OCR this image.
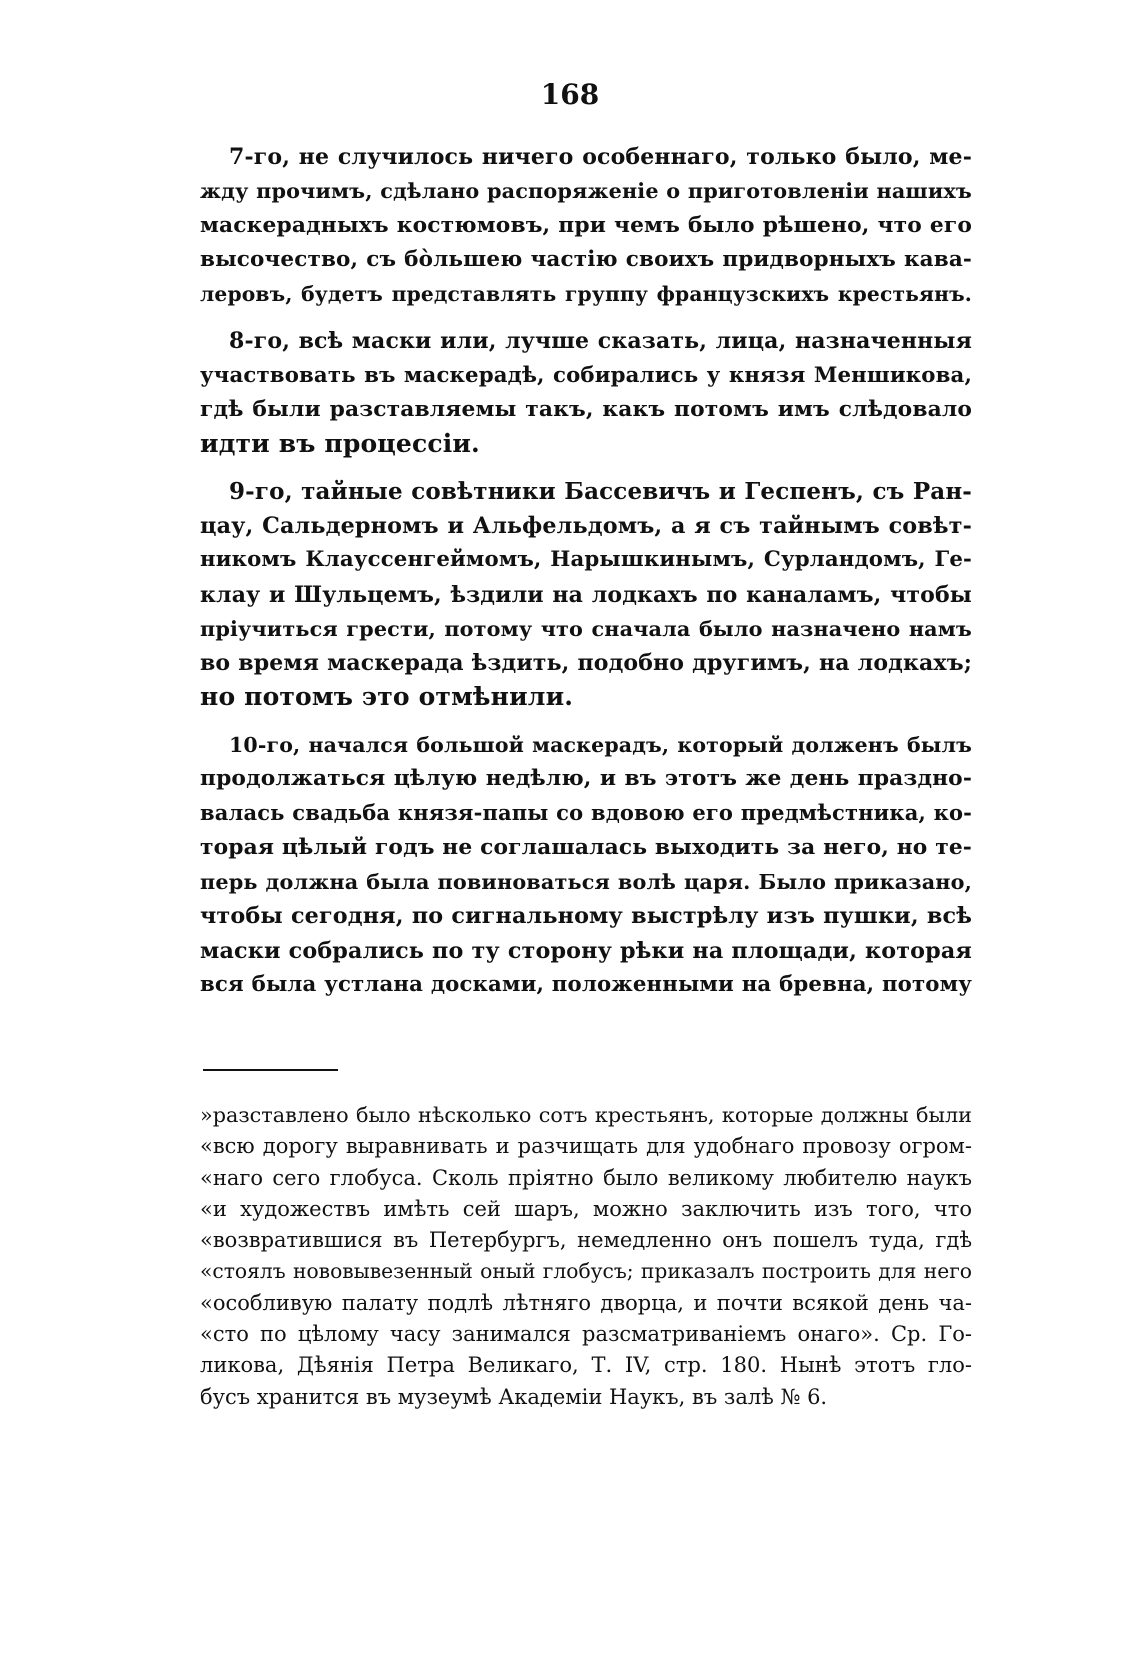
168
7-го, не случилось ничего особеннаго, только было, ме-
жду прочимъ, сдѣлано распоряженіе о приготовленіи нашихъ
маскерадныхъ костюмовъ, при чемъ было рѣшено, что его
высочество, съ бо̀льшею частію своихъ придворныхъ кава-
леровъ, будетъ представлять группу французскихъ крестьянъ.
8-го, всѣ маски или, лучше сказать, лица, назначенныя
участвовать въ маскерадѣ, собирались у князя Меншикова,
гдѣ были разставляемы такъ, какъ потомъ имъ слѣдовало
идти въ процессіи.
9-го, тайные совѣтники Бассевичъ и Геспенъ, съ Ран-
цау, Сальдерномъ и Альфельдомъ, а я съ тайнымъ совѣт-
никомъ Клауссенгеймомъ, Нарышкинымъ, Сурландомъ, Ге-
клау и Шульцемъ, ѣздили на лодкахъ по каналамъ, чтобы
пріучиться грести, потому что сначала было назначено намъ
во время маскерада ѣздить, подобно другимъ, на лодкахъ;
но потомъ это отмѣнили.
10-го, начался большой маскерадъ, который долженъ былъ
продолжаться цѣлую недѣлю, и въ этотъ же день праздно-
валась свадьба князя-папы со вдовою его предмѣстника, ко-
торая цѣлый годъ не соглашалась выходить за него, но те-
перь должна была повиноваться волѣ царя. Было приказано,
чтобы сегодня, по сигнальному выстрѣлу изъ пушки, всѣ
маски собрались по ту сторону рѣки на площади, которая
вся была устлана досками, положенными на бревна, потому
»разставлено было нѣсколько сотъ крестьянъ, которые должны были
«всю дорогу выравнивать и разчищать для удобнаго провозу огром-
«наго сего глобуса. Сколь пріятно было великому любителю наукъ
«и художествъ имѣть сей шаръ, можно заключить изъ того, что
«возвратившися въ Петербургъ, немедленно онъ пошелъ туда, гдѣ
«стоялъ нововывезенный оный глобусъ; приказалъ построить для него
«особливую палату подлѣ лѣтняго дворца, и почти всякой день ча-
«сто по цѣлому часу занимался разсматриваніемъ онаго». Ср. Го-
ликова, Дѣянія Петра Великаго, Т. IV, стр. 180. Нынѣ этотъ гло-
бусъ хранится въ музеумѣ Академіи Наукъ, въ залѣ № 6.
